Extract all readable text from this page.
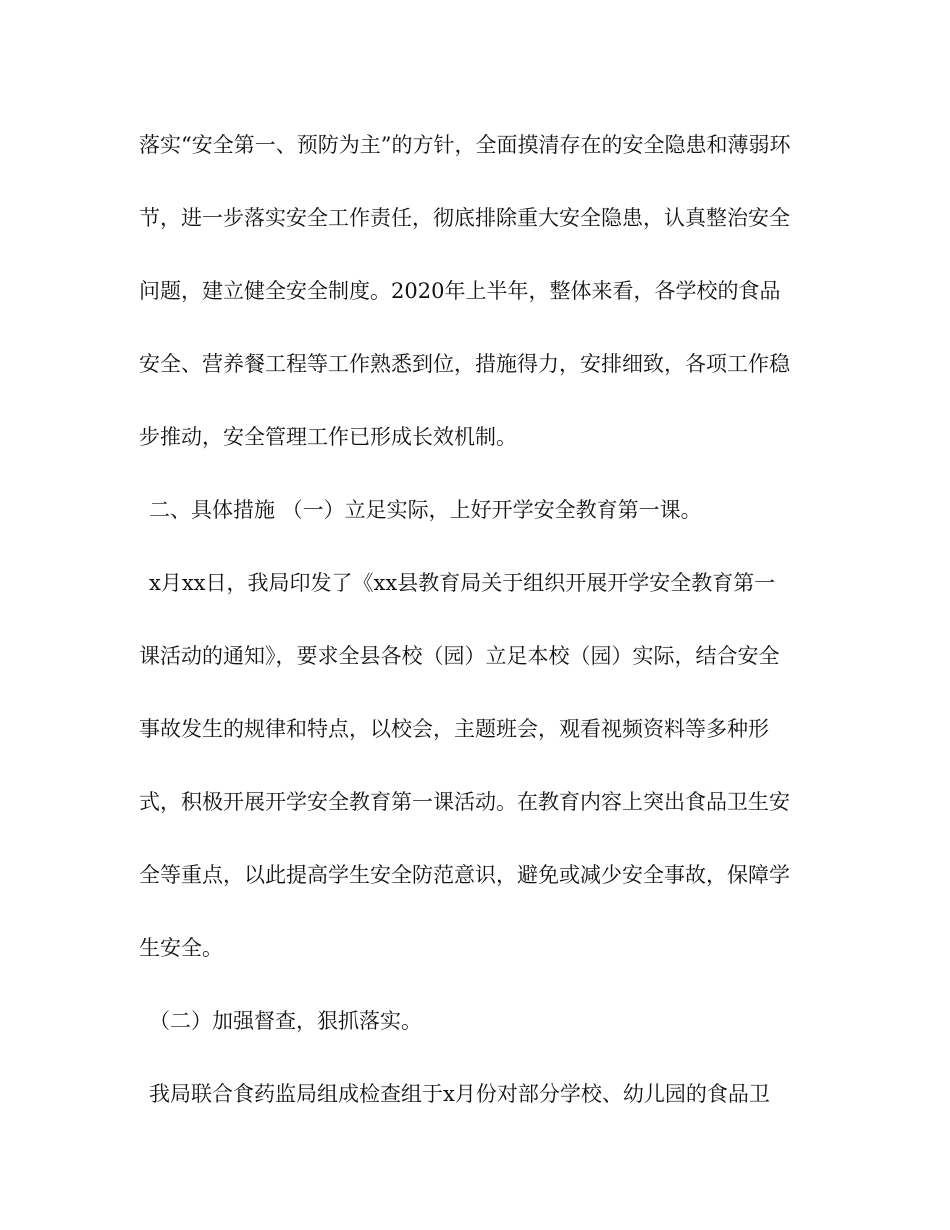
落实“安全第一、预防为主”的方针，全面摸清存在的安全隐患和薄弱环
节，进一步落实安全工作责任，彻底排除重大安全隐患，认真整治安全
问题，建立健全安全制度。2020年上半年，整体来看，各学校的食品
安全、营养餐工程等工作熟悉到位，措施得力，安排细致，各项工作稳
步推动，安全管理工作已形成长效机制。
二、具体措施 （一）立足实际，上好开学安全教育第一课。
x月xx日，我局印发了《xx县教育局关于组织开展开学安全教育第一
课活动的通知》，要求全县各校（园）立足本校（园）实际，结合安全
事故发生的规律和特点，以校会，主题班会，观看视频资料等多种形
式，积极开展开学安全教育第一课活动。在教育内容上突出食品卫生安
全等重点，以此提高学生安全防范意识，避免或减少安全事故，保障学
生安全。
（二）加强督查，狠抓落实。
我局联合食药监局组成检查组于x月份对部分学校、幼儿园的食品卫
